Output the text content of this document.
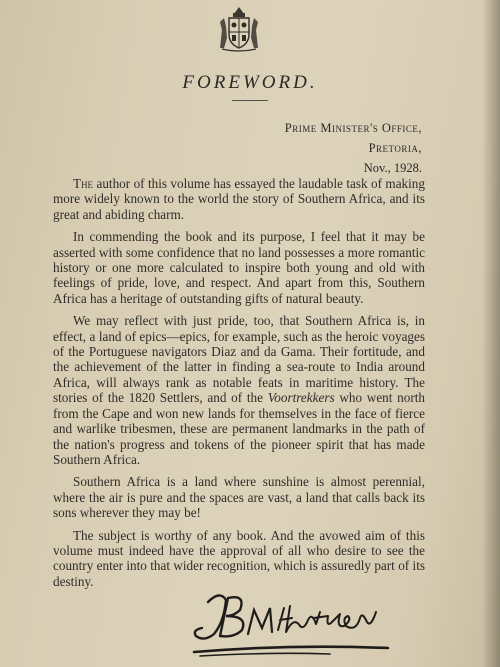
FOREWORD.
Prime Minister's Office,
Pretoria,
Nov., 1928.

The author of this volume has essayed the laudable task of making more widely known to the world the story of Southern Africa, and its great and abiding charm.

In commending the book and its purpose, I feel that it may be asserted with some confidence that no land possesses a more romantic history or one more calculated to inspire both young and old with feelings of pride, love, and respect. And apart from this, Southern Africa has a heritage of outstanding gifts of natural beauty.

We may reflect with just pride, too, that Southern Africa is, in effect, a land of epics—epics, for example, such as the heroic voyages of the Portuguese navigators Diaz and da Gama. Their fortitude, and the achievement of the latter in finding a sea-route to India around Africa, will always rank as notable feats in maritime history. The stories of the 1820 Settlers, and of the Voortrekkers who went north from the Cape and won new lands for themselves in the face of fierce and warlike tribesmen, these are permanent landmarks in the path of the nation's progress and tokens of the pioneer spirit that has made Southern Africa.

Southern Africa is a land where sunshine is almost perennial, where the air is pure and the spaces are vast, a land that calls back its sons wherever they may be!

The subject is worthy of any book. And the avowed aim of this volume must indeed have the approval of all who desire to see the country enter into that wider recognition, which is assuredly part of its destiny.
